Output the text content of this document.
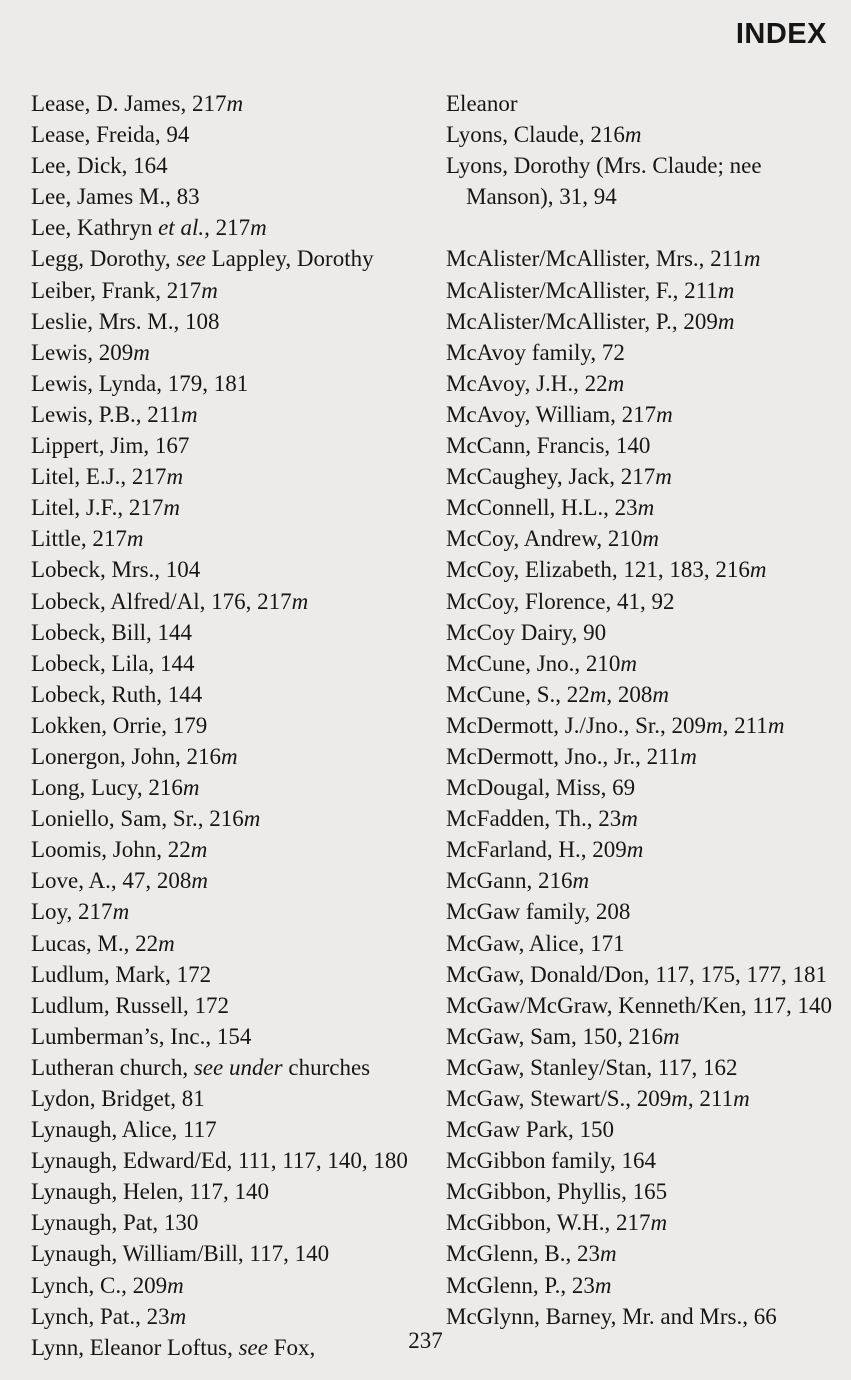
INDEX
Lease, D. James, 217m
Lease, Freida, 94
Lee, Dick, 164
Lee, James M., 83
Lee, Kathryn et al., 217m
Legg, Dorothy, see Lappley, Dorothy
Leiber, Frank, 217m
Leslie, Mrs. M., 108
Lewis, 209m
Lewis, Lynda, 179, 181
Lewis, P.B., 211m
Lippert, Jim, 167
Litel, E.J., 217m
Litel, J.F., 217m
Little, 217m
Lobeck, Mrs., 104
Lobeck, Alfred/Al, 176, 217m
Lobeck, Bill, 144
Lobeck, Lila, 144
Lobeck, Ruth, 144
Lokken, Orrie, 179
Lonergon, John, 216m
Long, Lucy, 216m
Loniello, Sam, Sr., 216m
Loomis, John, 22m
Love, A., 47, 208m
Loy, 217m
Lucas, M., 22m
Ludlum, Mark, 172
Ludlum, Russell, 172
Lumberman’s, Inc., 154
Lutheran church, see under churches
Lydon, Bridget, 81
Lynaugh, Alice, 117
Lynaugh, Edward/Ed, 111, 117, 140, 180
Lynaugh, Helen, 117, 140
Lynaugh, Pat, 130
Lynaugh, William/Bill, 117, 140
Lynch, C., 209m
Lynch, Pat., 23m
Lynn, Eleanor Loftus, see Fox,
Eleanor
Lyons, Claude, 216m
Lyons, Dorothy (Mrs. Claude; nee Manson), 31, 94
McAlister/McAllister, Mrs., 211m
McAlister/McAllister, F., 211m
McAlister/McAllister, P., 209m
McAvoy family, 72
McAvoy, J.H., 22m
McAvoy, William, 217m
McCann, Francis, 140
McCaughey, Jack, 217m
McConnell, H.L., 23m
McCoy, Andrew, 210m
McCoy, Elizabeth, 121, 183, 216m
McCoy, Florence, 41, 92
McCoy Dairy, 90
McCune, Jno., 210m
McCune, S., 22m, 208m
McDermott, J./Jno., Sr., 209m, 211m
McDermott, Jno., Jr., 211m
McDougal, Miss, 69
McFadden, Th., 23m
McFarland, H., 209m
McGann, 216m
McGaw family, 208
McGaw, Alice, 171
McGaw, Donald/Don, 117, 175, 177, 181
McGaw/McGraw, Kenneth/Ken, 117, 140
McGaw, Sam, 150, 216m
McGaw, Stanley/Stan, 117, 162
McGaw, Stewart/S., 209m, 211m
McGaw Park, 150
McGibbon family, 164
McGibbon, Phyllis, 165
McGibbon, W.H., 217m
McGlenn, B., 23m
McGlenn, P., 23m
McGlynn, Barney, Mr. and Mrs., 66
237
